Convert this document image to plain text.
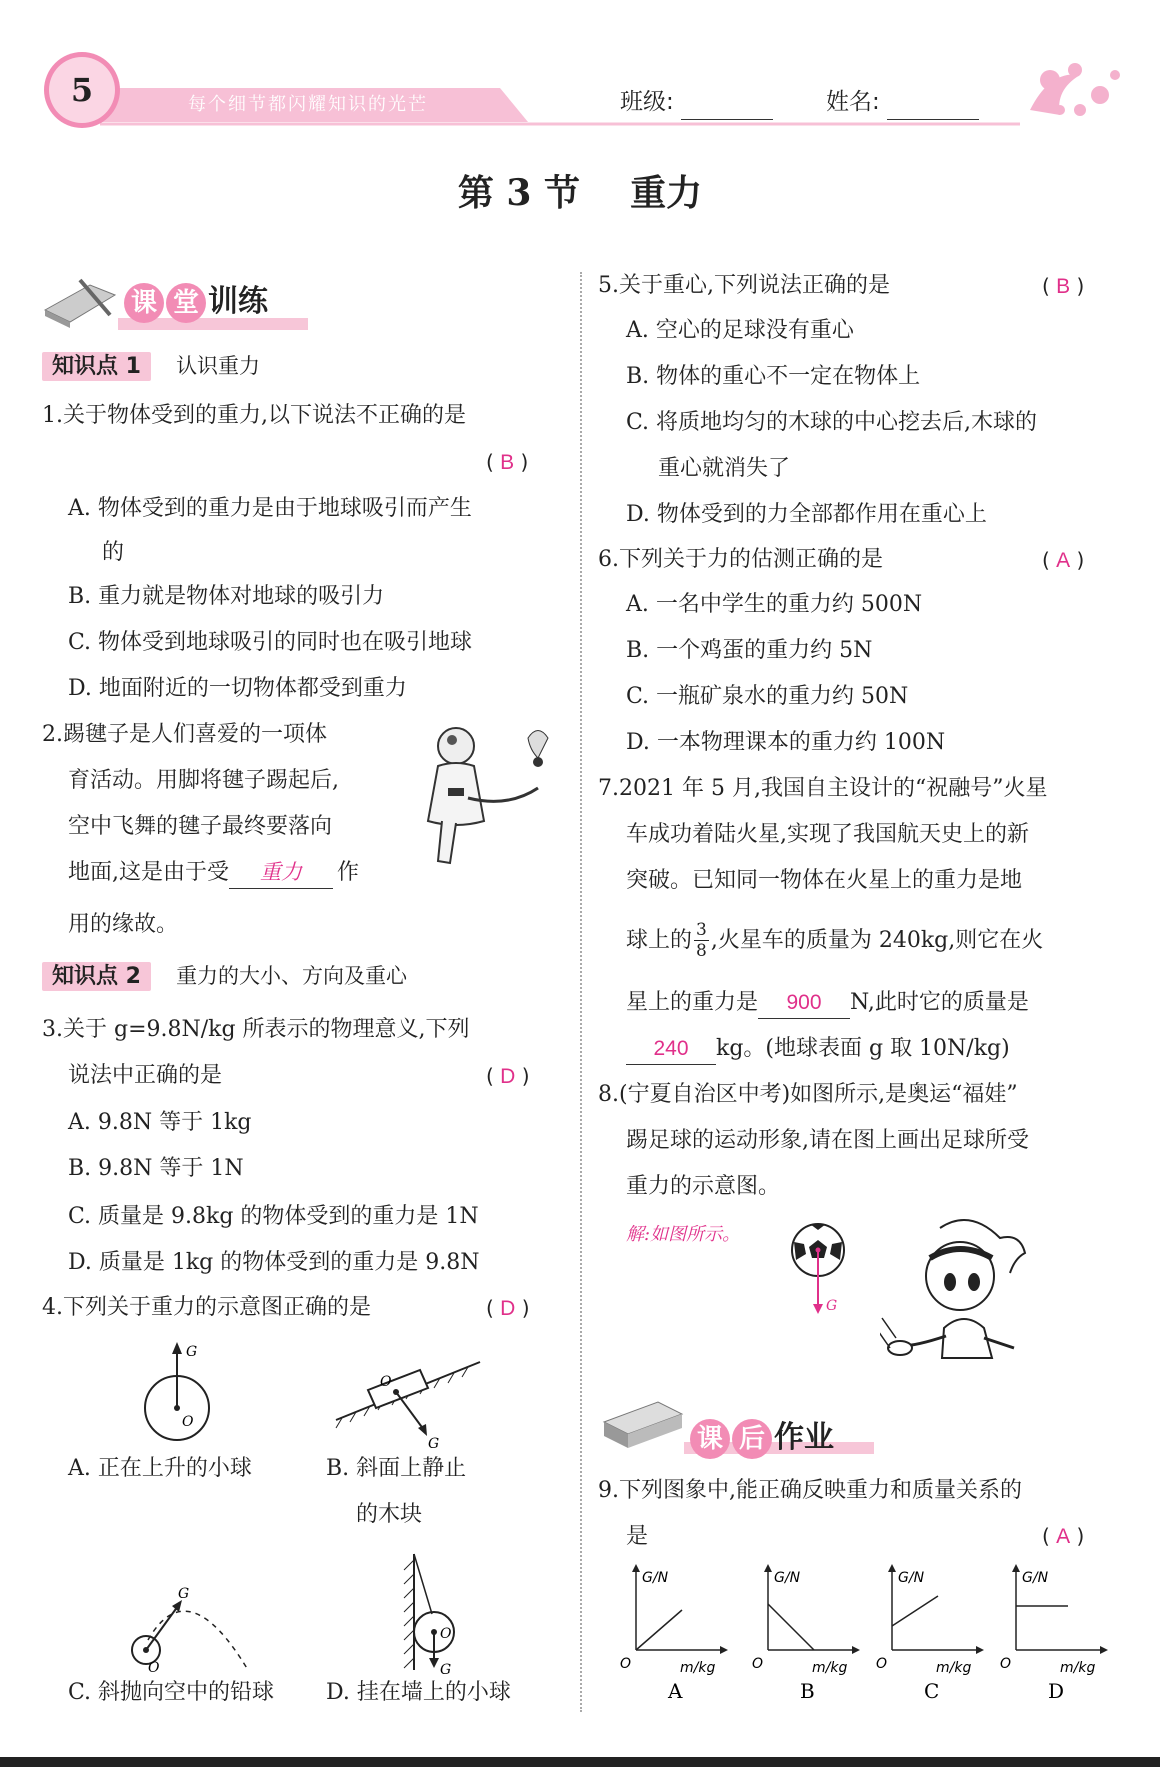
5	每个细节都闪耀知识的光芒	班级:	姓名:
第 3 节    重力
课 堂 训练
知识点 1 认识重力
1.关于物体受到的重力,以下说法不正确的是
( B )
A. 物体受到的重力是由于地球吸引而产生
的
B. 重力就是物体对地球的吸引力
C. 物体受到地球吸引的同时也在吸引地球
D. 地面附近的一切物体都受到重力
2.踢毽子是人们喜爱的一项体
育活动。用脚将毽子踢起后,
空中飞舞的毽子最终要落向
地面,这是由于受 重力 作
用的缘故。
知识点 2 重力的大小、方向及重心
3.关于 g=9.8N/kg 所表示的物理意义,下列
说法中正确的是	( D )
A. 9.8N 等于 1kg
B. 9.8N 等于 1N
C. 质量是 9.8kg 的物体受到的重力是 1N
D. 质量是 1kg 的物体受到的重力是 9.8N
4.下列关于重力的示意图正确的是	( D )
G
O
O
G
A. 正在上升的小球	B. 斜面上静止
的木块
G
O
O
G
C. 斜抛向空中的铅球 D. 挂在墙上的小球
5.关于重心,下列说法正确的是	( B )
A. 空心的足球没有重心
B. 物体的重心不一定在物体上
C. 将质地均匀的木球的中心挖去后,木球的
重心就消失了
D. 物体受到的力全部都作用在重心上
6.下列关于力的估测正确的是	( A )
A. 一名中学生的重力约 500N
B. 一个鸡蛋的重力约 5N
C. 一瓶矿泉水的重力约 50N
D. 一本物理课本的重力约 100N
7.2021 年 5 月,我国自主设计的“祝融号”火星
车成功着陆火星,实现了我国航天史上的新
突破。已知同一物体在火星上的重力是地
球上的 $\frac{3}{8}$ ,火星车的质量为 240kg,则它在火
星上的重力是 900 N,此时它的质量是
240 kg。(地球表面 g 取 10N/kg)
8.(宁夏自治区中考)如图所示,是奥运“福娃”
踢足球的运动形象,请在图上画出足球所受
重力的示意图。
解:如图所示。
G
课 后 作业
9.下列图象中,能正确反映重力和质量关系的
是	( A )
G/N
m/kg
O
A
G/N
m/kg
O
B
G/N
m/kg
O
C
G/N
m/kg
O
D
